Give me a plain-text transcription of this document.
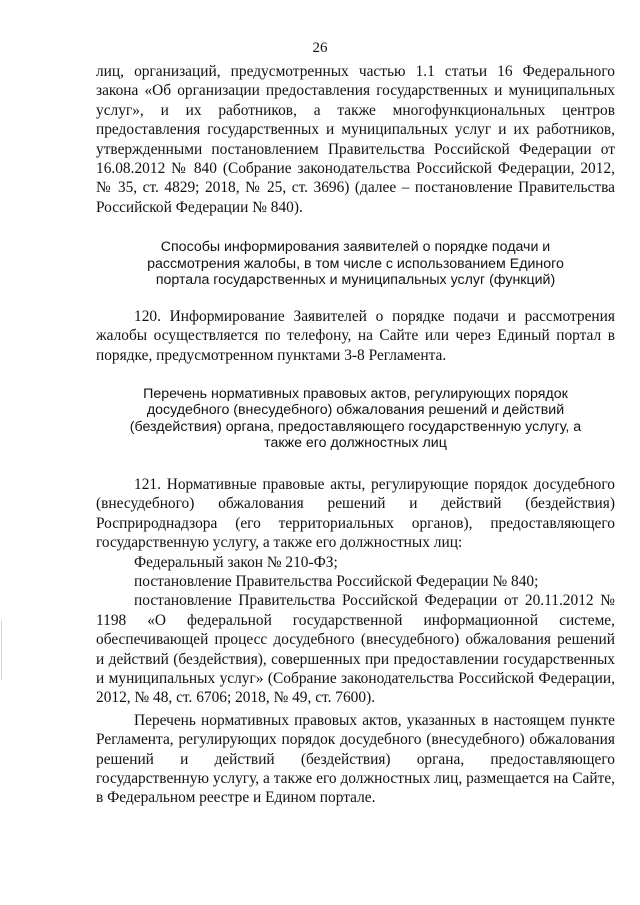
26

лиц, организаций, предусмотренных частью 1.1 статьи 16 Федерального закона «Об организации предоставления государственных и муниципальных услуг», и их работников, а также многофункциональных центров предоставления государственных и муниципальных услуг и их работников, утвержденными постановлением Правительства Российской Федерации от 16.08.2012 № 840 (Собрание законодательства Российской Федерации, 2012, № 35, ст. 4829; 2018, № 25, ст. 3696) (далее – постановление Правительства Российской Федерации № 840).

Способы информирования заявителей о порядке подачи и рассмотрения жалобы, в том числе с использованием Единого портала государственных и муниципальных услуг (функций)

120. Информирование Заявителей о порядке подачи и рассмотрения жалобы осуществляется по телефону, на Сайте или через Единый портал в порядке, предусмотренном пунктами 3-8 Регламента.

Перечень нормативных правовых актов, регулирующих порядок досудебного (внесудебного) обжалования решений и действий (бездействия) органа, предоставляющего государственную услугу, а также его должностных лиц

121. Нормативные правовые акты, регулирующие порядок досудебного (внесудебного) обжалования решений и действий (бездействия) Росприроднадзора (его территориальных органов), предоставляющего государственную услугу, а также его должностных лиц:

Федеральный закон № 210-ФЗ;

постановление Правительства Российской Федерации № 840;

постановление Правительства Российской Федерации от 20.11.2012 № 1198 «О федеральной государственной информационной системе, обеспечивающей процесс досудебного (внесудебного) обжалования решений и действий (бездействия), совершенных при предоставлении государственных и муниципальных услуг» (Собрание законодательства Российской Федерации, 2012, № 48, ст. 6706; 2018, № 49, ст. 7600).

Перечень нормативных правовых актов, указанных в настоящем пункте Регламента, регулирующих порядок досудебного (внесудебного) обжалования решений и действий (бездействия) органа, предоставляющего государственную услугу, а также его должностных лиц, размещается на Сайте, в Федеральном реестре и Едином портале.
